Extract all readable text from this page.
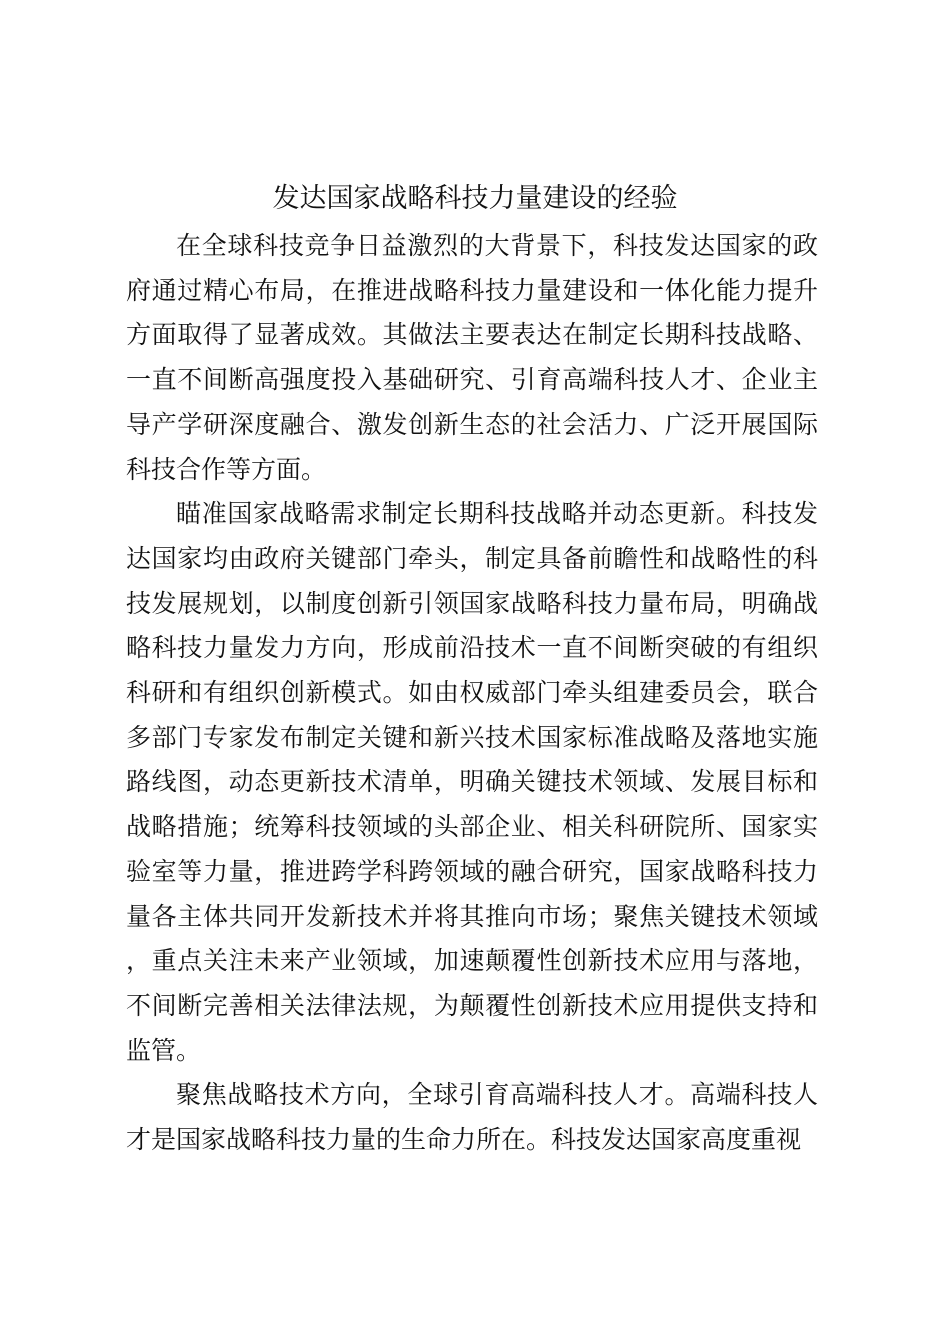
发达国家战略科技力量建设的经验

在全球科技竞争日益激烈的大背景下，科技发达国家的政府通过精心布局，在推进战略科技力量建设和一体化能力提升方面取得了显著成效。其做法主要表达在制定长期科技战略、一直不间断高强度投入基础研究、引育高端科技人才、企业主导产学研深度融合、激发创新生态的社会活力、广泛开展国际科技合作等方面。

瞄准国家战略需求制定长期科技战略并动态更新。科技发达国家均由政府关键部门牵头，制定具备前瞻性和战略性的科技发展规划，以制度创新引领国家战略科技力量布局，明确战略科技力量发力方向，形成前沿技术一直不间断突破的有组织科研和有组织创新模式。如由权威部门牵头组建委员会，联合多部门专家发布制定关键和新兴技术国家标准战略及落地实施路线图，动态更新技术清单，明确关键技术领域、发展目标和战略措施；统筹科技领域的头部企业、相关科研院所、国家实验室等力量，推进跨学科跨领域的融合研究，国家战略科技力量各主体共同开发新技术并将其推向市场；聚焦关键技术领域，重点关注未来产业领域，加速颠覆性创新技术应用与落地，不间断完善相关法律法规，为颠覆性创新技术应用提供支持和监管。

聚焦战略技术方向，全球引育高端科技人才。高端科技人才是国家战略科技力量的生命力所在。科技发达国家高度重视
